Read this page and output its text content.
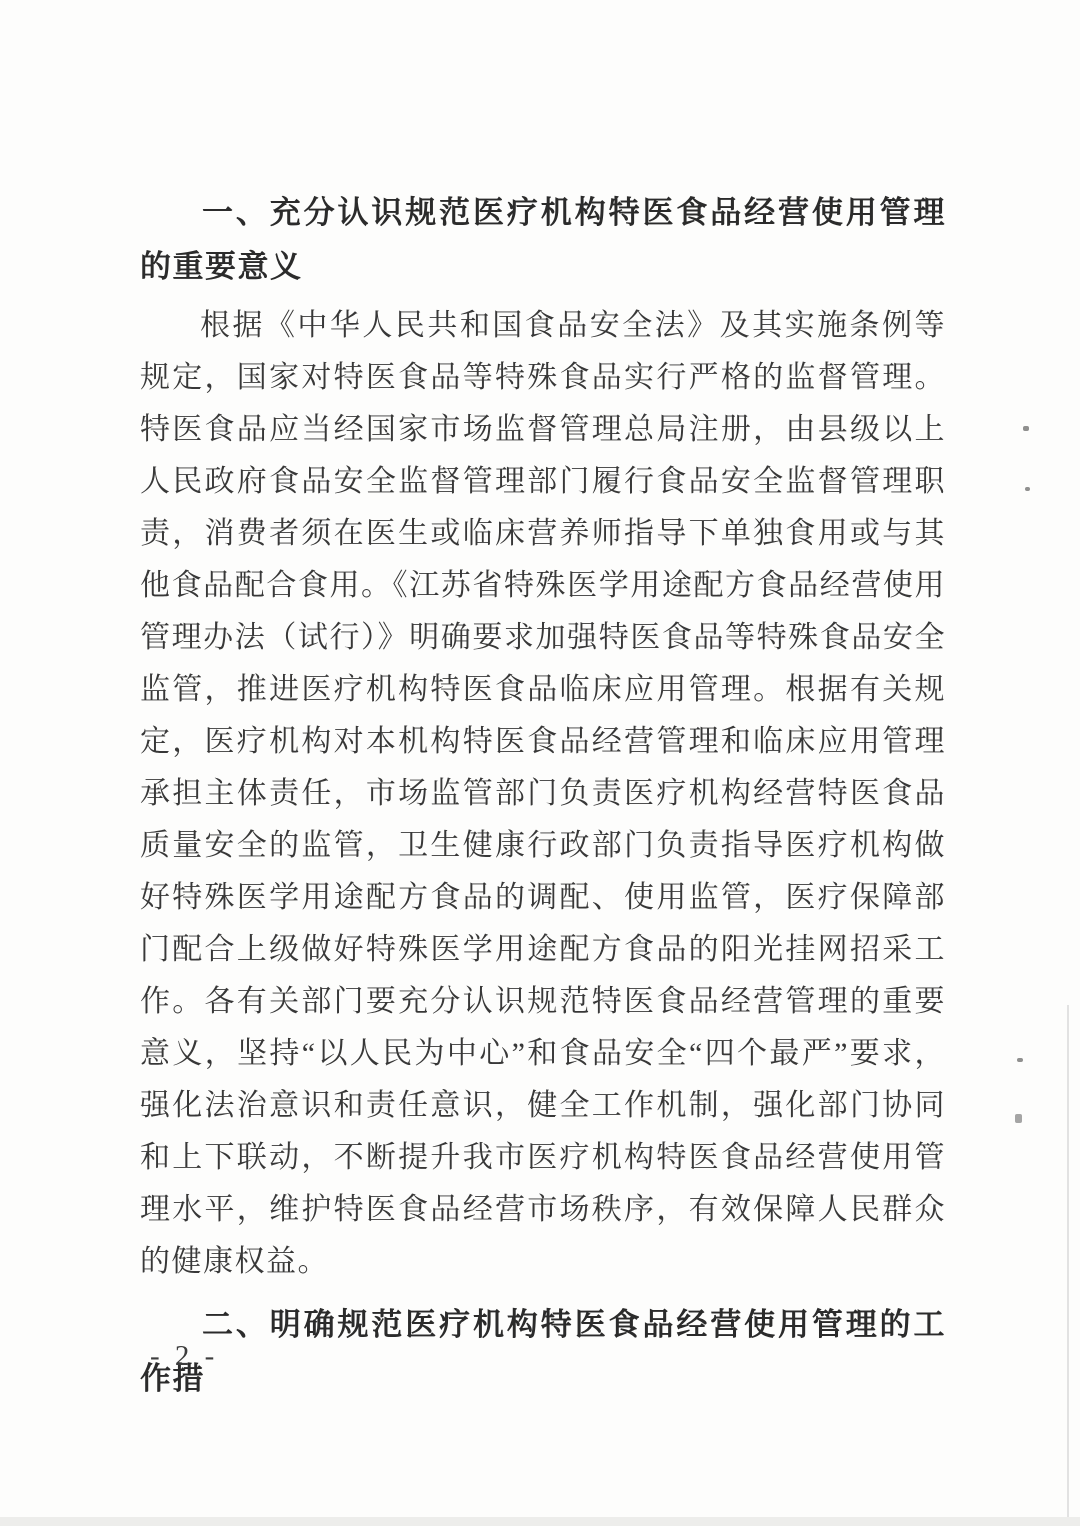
一、充分认识规范医疗机构特医食品经营使用管理的重要意义

根据《中华人民共和国食品安全法》及其实施条例等规定，国家对特医食品等特殊食品实行严格的监督管理。特医食品应当经国家市场监督管理总局注册，由县级以上人民政府食品安全监督管理部门履行食品安全监督管理职责，消费者须在医生或临床营养师指导下单独食用或与其他食品配合食用。《江苏省特殊医学用途配方食品经营使用管理办法（试行）》明确要求加强特医食品等特殊食品安全监管，推进医疗机构特医食品临床应用管理。根据有关规定，医疗机构对本机构特医食品经营管理和临床应用管理承担主体责任，市场监管部门负责医疗机构经营特医食品质量安全的监管，卫生健康行政部门负责指导医疗机构做好特殊医学用途配方食品的调配、使用监管，医疗保障部门配合上级做好特殊医学用途配方食品的阳光挂网招采工作。各有关部门要充分认识规范特医食品经营管理的重要意义，坚持“以人民为中心”和食品安全“四个最严”要求，强化法治意识和责任意识，健全工作机制，强化部门协同和上下联动，不断提升我市医疗机构特医食品经营使用管理水平，维护特医食品经营市场秩序，有效保障人民群众的健康权益。

二、明确规范医疗机构特医食品经营使用管理的工作措
- 2 -
